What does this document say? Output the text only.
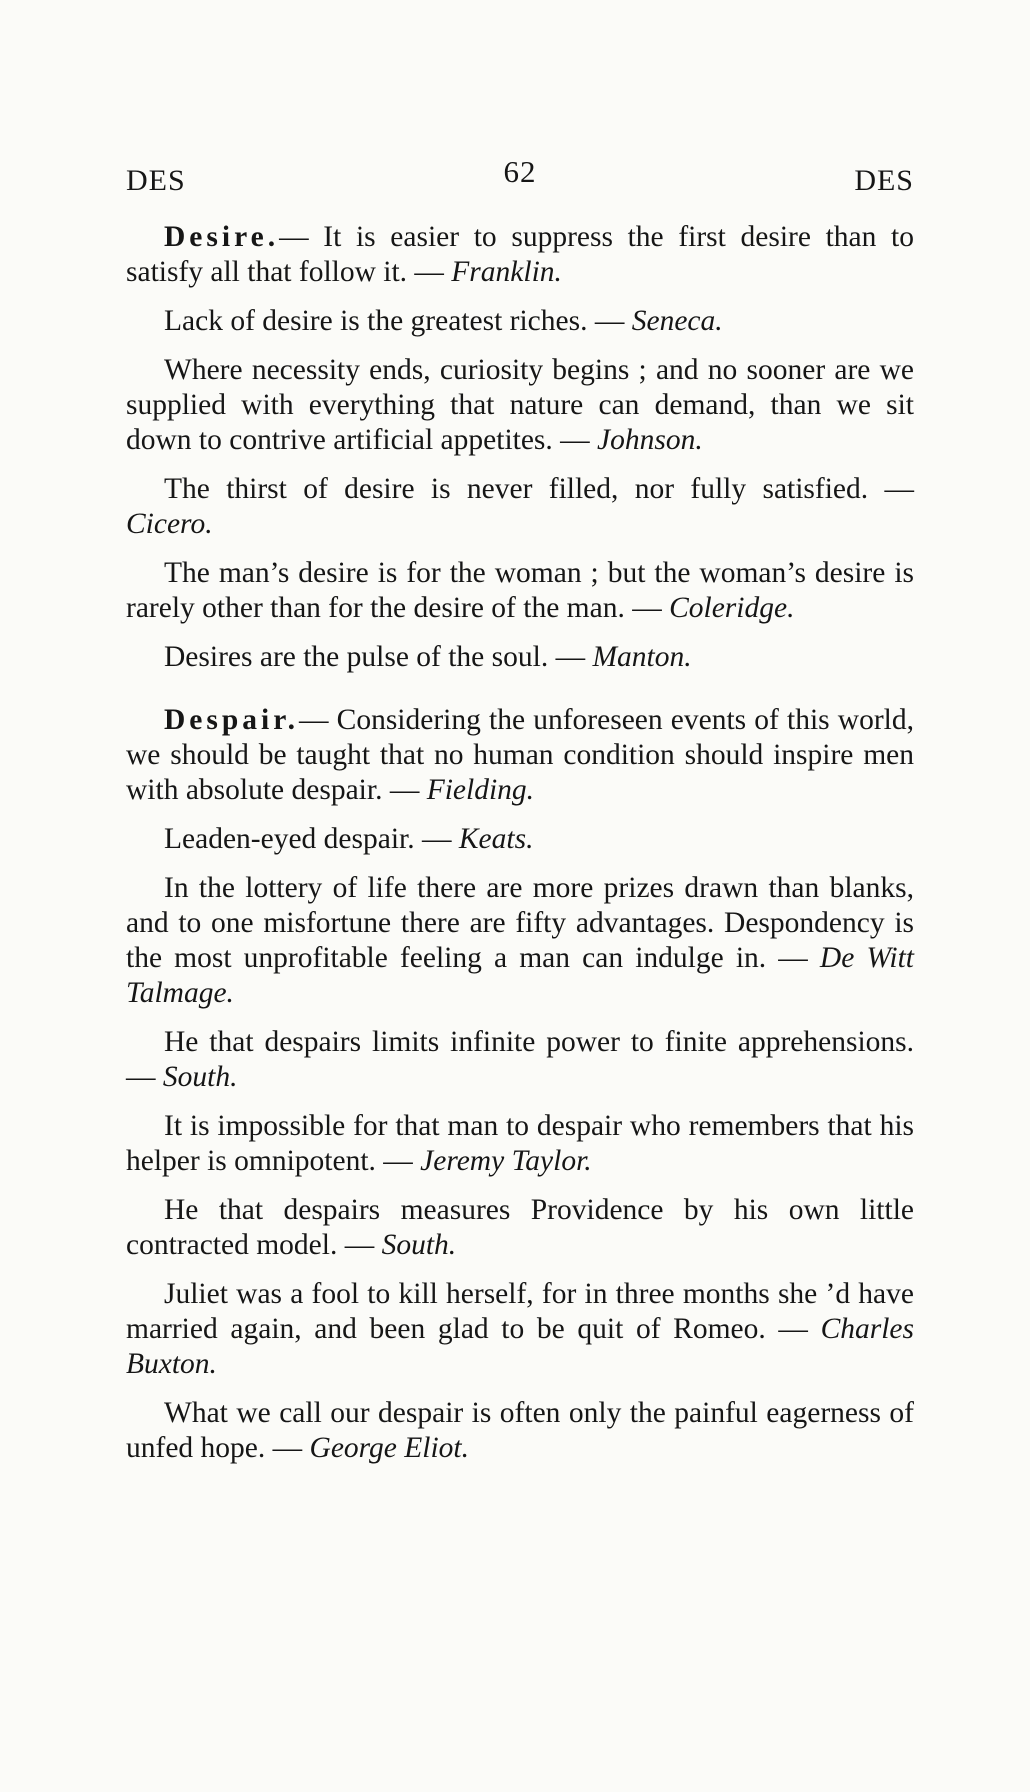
DES	62	DES

Desire.— It is easier to suppress the first desire than to satisfy all that follow it. — Franklin.

Lack of desire is the greatest riches. — Seneca.

Where necessity ends, curiosity begins ; and no sooner are we supplied with everything that nature can demand, than we sit down to contrive artificial appetites. — Johnson.

The thirst of desire is never filled, nor fully satisfied. — Cicero.

The man’s desire is for the woman ; but the woman’s desire is rarely other than for the desire of the man. — Coleridge.

Desires are the pulse of the soul. — Manton.

Despair.— Considering the unforeseen events of this world, we should be taught that no human condition should inspire men with absolute despair. — Fielding.

Leaden-eyed despair. — Keats.

In the lottery of life there are more prizes drawn than blanks, and to one misfortune there are fifty advantages. Despondency is the most unprofitable feeling a man can indulge in. — De Witt Talmage.

He that despairs limits infinite power to finite apprehensions. — South.

It is impossible for that man to despair who remembers that his helper is omnipotent. — Jeremy Taylor.

He that despairs measures Providence by his own little contracted model. — South.

Juliet was a fool to kill herself, for in three months she ’d have married again, and been glad to be quit of Romeo. — Charles Buxton.

What we call our despair is often only the painful eagerness of unfed hope. — George Eliot.
